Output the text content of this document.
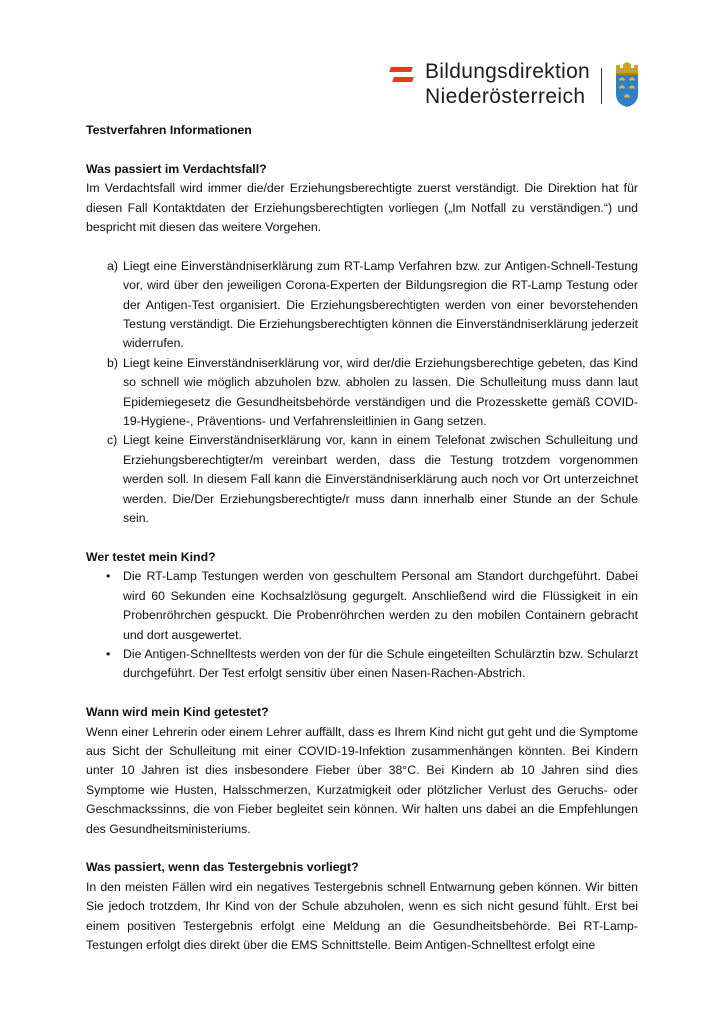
Bildungsdirektion
Niederösterreich
Testverfahren Informationen
Was passiert im Verdachtsfall?

Im Verdachtsfall wird immer die/der Erziehungsberechtigte zuerst verständigt. Die Direktion hat für diesen Fall Kontaktdaten der Erziehungsberechtigten vorliegen („Im Notfall zu verständigen.“) und bespricht mit diesen das weitere Vorgehen.

a) Liegt eine Einverständniserklärung zum RT-Lamp Verfahren bzw. zur Antigen-Schnell-Testung vor, wird über den jeweiligen Corona-Experten der Bildungsregion die RT-Lamp Testung oder der Antigen-Test organisiert. Die Erziehungsberechtigten werden von einer bevorstehenden Testung verständigt. Die Erziehungsberechtigten können die Einverständniserklärung jederzeit widerrufen.
b) Liegt keine Einverständniserklärung vor, wird der/die Erziehungsberechtige gebeten, das Kind so schnell wie möglich abzuholen bzw. abholen zu lassen. Die Schulleitung muss dann laut Epidemiegesetz die Gesundheitsbehörde verständigen und die Prozesskette gemäß COVID-19-Hygiene-, Präventions- und Verfahrensleitlinien in Gang setzen.
c) Liegt keine Einverständniserklärung vor, kann in einem Telefonat zwischen Schulleitung und Erziehungsberechtigter/m vereinbart werden, dass die Testung trotzdem vorgenommen werden soll. In diesem Fall kann die Einverständniserklärung auch noch vor Ort unterzeichnet werden. Die/Der Erziehungsberechtigte/r muss dann innerhalb einer Stunde an der Schule sein.
Wer testet mein Kind?
• Die RT-Lamp Testungen werden von geschultem Personal am Standort durchgeführt. Dabei wird 60 Sekunden eine Kochsalzlösung gegurgelt. Anschließend wird die Flüssigkeit in ein Probenröhrchen gespuckt. Die Probenröhrchen werden zu den mobilen Containern gebracht und dort ausgewertet.
• Die Antigen-Schnelltests werden von der für die Schule eingeteilten Schulärztin bzw. Schularzt durchgeführt. Der Test erfolgt sensitiv über einen Nasen-Rachen-Abstrich.
Wann wird mein Kind getestet?

Wenn einer Lehrerin oder einem Lehrer auffällt, dass es Ihrem Kind nicht gut geht und die Symptome aus Sicht der Schulleitung mit einer COVID-19-Infektion zusammenhängen könnten. Bei Kindern unter 10 Jahren ist dies insbesondere Fieber über 38°C. Bei Kindern ab 10 Jahren sind dies Symptome wie Husten, Halsschmerzen, Kurzatmigkeit oder plötzlicher Verlust des Geruchs- oder Geschmackssinns, die von Fieber begleitet sein können. Wir halten uns dabei an die Empfehlungen des Gesundheitsministeriums.

Was passiert, wenn das Testergebnis vorliegt?

In den meisten Fällen wird ein negatives Testergebnis schnell Entwarnung geben können. Wir bitten Sie jedoch trotzdem, Ihr Kind von der Schule abzuholen, wenn es sich nicht gesund fühlt. Erst bei einem positiven Testergebnis erfolgt eine Meldung an die Gesundheitsbehörde. Bei RT-Lamp-Testungen erfolgt dies direkt über die EMS Schnittstelle. Beim Antigen-Schnelltest erfolgt eine
